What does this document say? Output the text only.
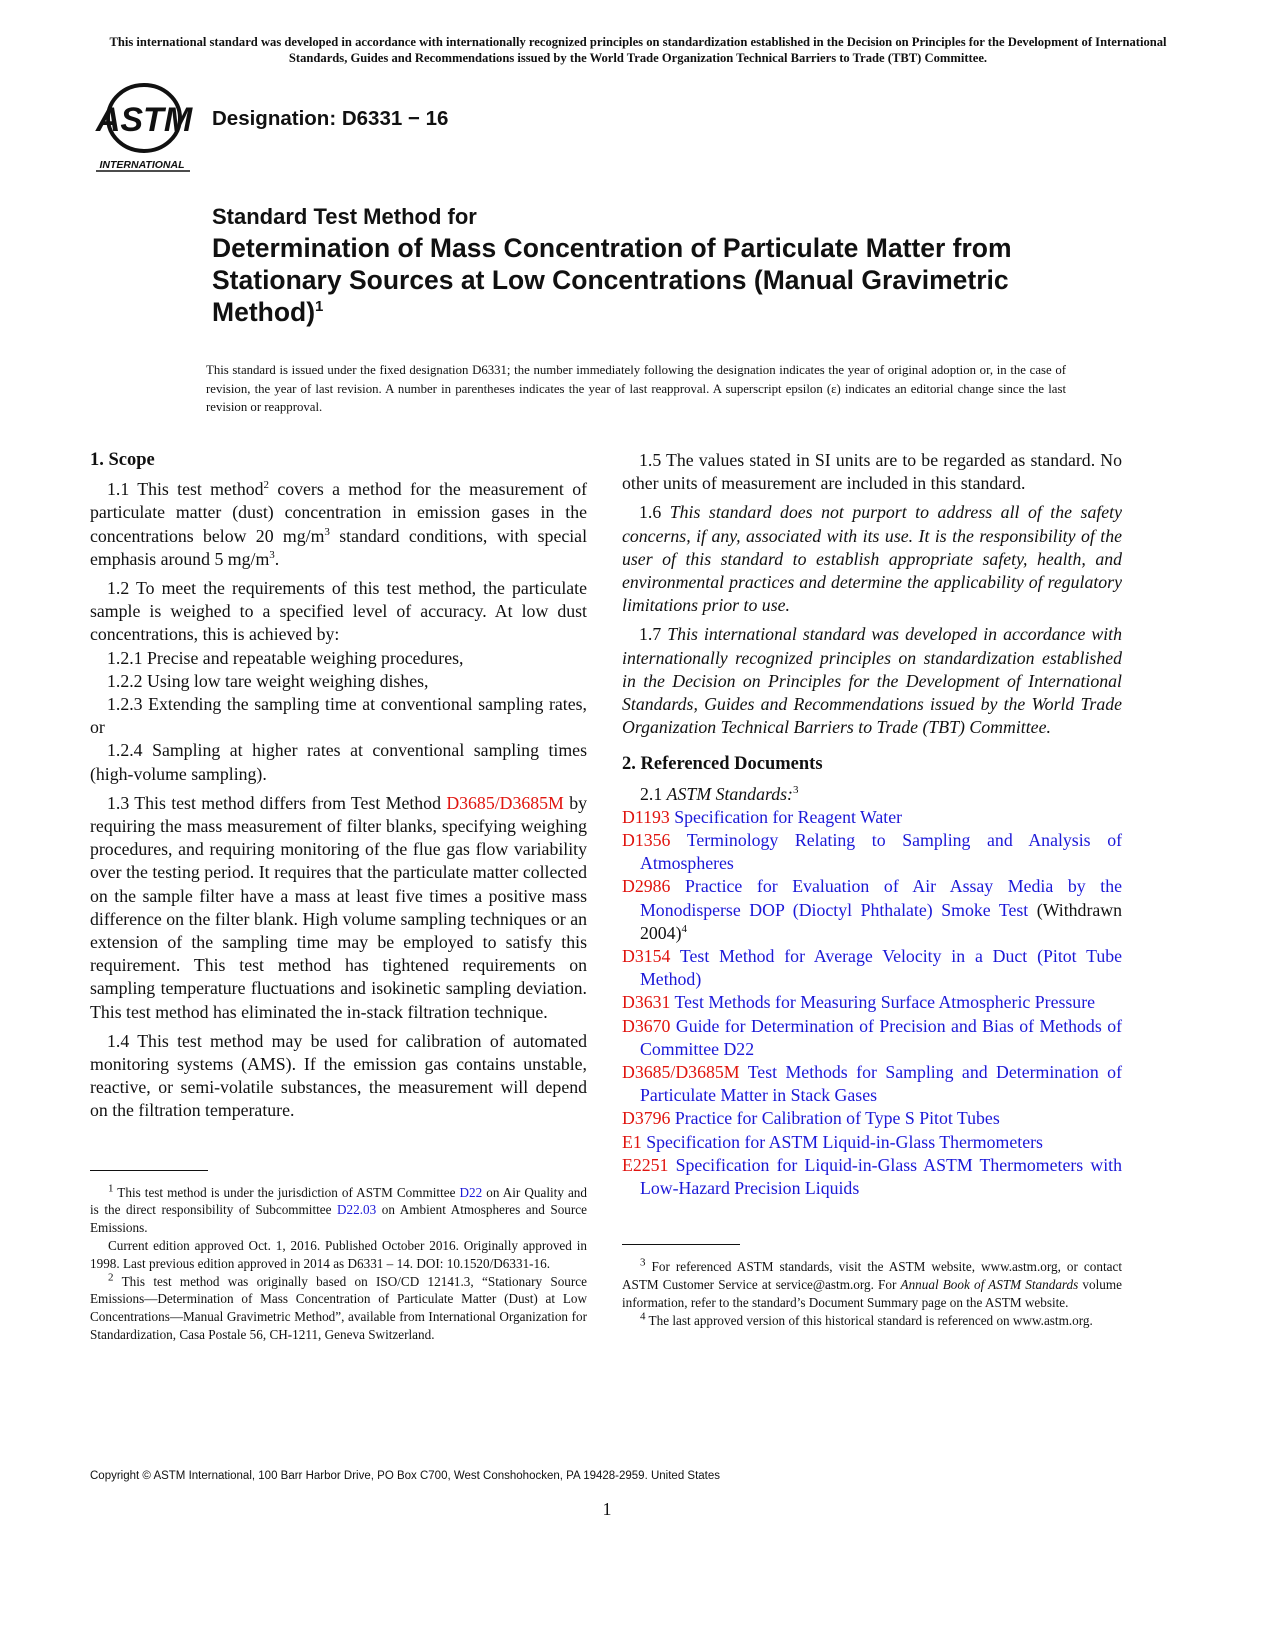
This international standard was developed in accordance with internationally recognized principles on standardization established in the Decision on Principles for the Development of International Standards, Guides and Recommendations issued by the World Trade Organization Technical Barriers to Trade (TBT) Committee.
ASTM
INTERNATIONAL
Designation: D6331 − 16
Standard Test Method for
Determination of Mass Concentration of Particulate Matter from Stationary Sources at Low Concentrations (Manual Gravimetric Method)$^1$
This standard is issued under the fixed designation D6331; the number immediately following the designation indicates the year of original adoption or, in the case of revision, the year of last revision. A number in parentheses indicates the year of last reapproval. A superscript epsilon (ε) indicates an editorial change since the last revision or reapproval.

1. Scope

1.1 This test method$^2$ covers a method for the measurement of particulate matter (dust) concentration in emission gases in the concentrations below 20 $mg/m^3$ standard conditions, with special emphasis around 5 $mg/m^3$.

1.2 To meet the requirements of this test method, the particulate sample is weighed to a specified level of accuracy. At low dust concentrations, this is achieved by:

1.2.1 Precise and repeatable weighing procedures,

1.2.2 Using low tare weight weighing dishes,

1.2.3 Extending the sampling time at conventional sampling rates, or

1.2.4 Sampling at higher rates at conventional sampling times (high-volume sampling).

1.3 This test method differs from Test Method D3685/D3685M by requiring the mass measurement of filter blanks, specifying weighing procedures, and requiring monitoring of the flue gas flow variability over the testing period. It requires that the particulate matter collected on the sample filter have a mass at least five times a positive mass difference on the filter blank. High volume sampling techniques or an extension of the sampling time may be employed to satisfy this requirement. This test method has tightened requirements on sampling temperature fluctuations and isokinetic sampling deviation. This test method has eliminated the in-stack filtration technique.

1.4 This test method may be used for calibration of automated monitoring systems (AMS). If the emission gas contains unstable, reactive, or semi-volatile substances, the measurement will depend on the filtration temperature.

$^1$ This test method is under the jurisdiction of ASTM Committee D22 on Air Quality and is the direct responsibility of Subcommittee D22.03 on Ambient Atmospheres and Source Emissions.

Current edition approved Oct. 1, 2016. Published October 2016. Originally approved in 1998. Last previous edition approved in 2014 as D6331 – 14. DOI: 10.1520/D6331-16.

$^2$ This test method was originally based on ISO/CD 12141.3, “Stationary Source Emissions—Determination of Mass Concentration of Particulate Matter (Dust) at Low Concentrations—Manual Gravimetric Method”, available from International Organization for Standardization, Casa Postale 56, CH-1211, Geneva Switzerland.

1.5 The values stated in SI units are to be regarded as standard. No other units of measurement are included in this standard.

1.6 This standard does not purport to address all of the safety concerns, if any, associated with its use. It is the responsibility of the user of this standard to establish appropriate safety, health, and environmental practices and determine the applicability of regulatory limitations prior to use.

1.7 This international standard was developed in accordance with internationally recognized principles on standardization established in the Decision on Principles for the Development of International Standards, Guides and Recommendations issued by the World Trade Organization Technical Barriers to Trade (TBT) Committee.

2. Referenced Documents

2.1 ASTM Standards:$^3$

D1193 Specification for Reagent Water

D1356 Terminology Relating to Sampling and Analysis of Atmospheres

D2986 Practice for Evaluation of Air Assay Media by the Monodisperse DOP (Dioctyl Phthalate) Smoke Test (Withdrawn 2004)$^4$

D3154 Test Method for Average Velocity in a Duct (Pitot Tube Method)

D3631 Test Methods for Measuring Surface Atmospheric Pressure

D3670 Guide for Determination of Precision and Bias of Methods of Committee D22

D3685/D3685M Test Methods for Sampling and Determination of Particulate Matter in Stack Gases

D3796 Practice for Calibration of Type S Pitot Tubes

E1 Specification for ASTM Liquid-in-Glass Thermometers

E2251 Specification for Liquid-in-Glass ASTM Thermometers with Low-Hazard Precision Liquids

$^3$ For referenced ASTM standards, visit the ASTM website, www.astm.org, or contact ASTM Customer Service at service@astm.org. For Annual Book of ASTM Standards volume information, refer to the standard’s Document Summary page on the ASTM website.

$^4$ The last approved version of this historical standard is referenced on www.astm.org.

Copyright © ASTM International, 100 Barr Harbor Drive, PO Box C700, West Conshohocken, PA 19428-2959. United States
1
